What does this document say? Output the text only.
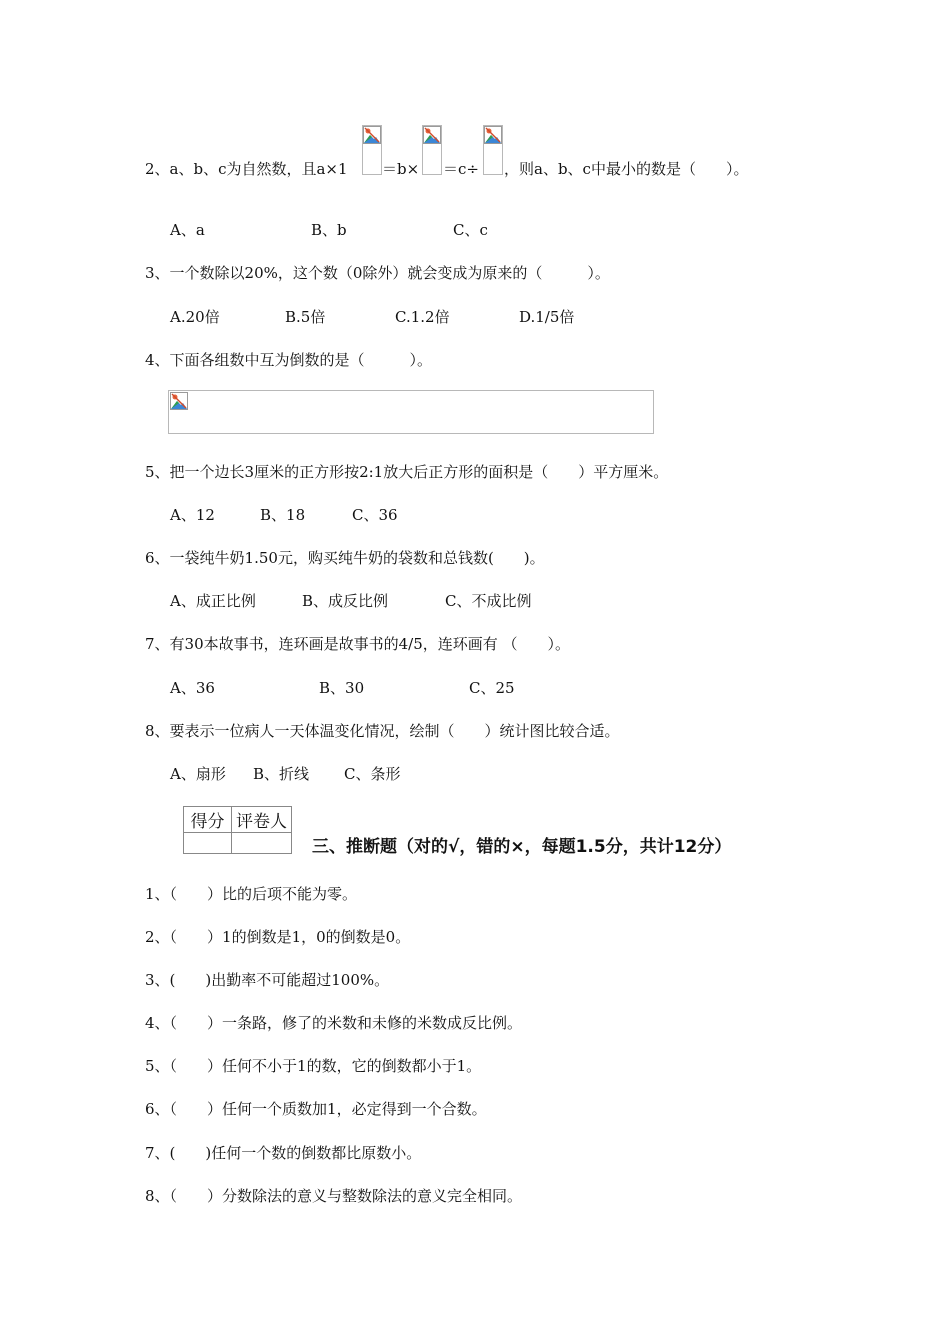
2、a、b、c为自然数，且a×1 ＝b× ＝c÷ ，则a、b、c中最小的数是（　　）。
A、a	B、b	C、c
3、一个数除以20%，这个数（0除外）就会变成为原来的（　　　）。
A.20倍	B.5倍	C.1.2倍	D.1/5倍
4、下面各组数中互为倒数的是（　　　）。
5、把一个边长3厘米的正方形按2:1放大后正方形的面积是（　　）平方厘米。
A、12	B、18	C、36
6、一袋纯牛奶1.50元，购买纯牛奶的袋数和总钱数(　　)。
A、成正比例	B、成反比例	C、不成比例
7、有30本故事书，连环画是故事书的4/5，连环画有 （　　）。
A、36	B、30	C、25
8、要表示一位病人一天体温变化情况，绘制（　　）统计图比较合适。
A、扇形 B、折线 C、条形
得分	评卷人

三、推断题（对的√，错的×，每题1.5分，共计12分）
1、（　　）比的后项不能为零。
2、（　　）1的倒数是1，0的倒数是0。
3、(　　)出勤率不可能超过100%。
4、（　　）一条路，修了的米数和未修的米数成反比例。
5、（　　）任何不小于1的数，它的倒数都小于1。
6、（　　）任何一个质数加1，必定得到一个合数。
7、(　　)任何一个数的倒数都比原数小。
8、（　　）分数除法的意义与整数除法的意义完全相同。
